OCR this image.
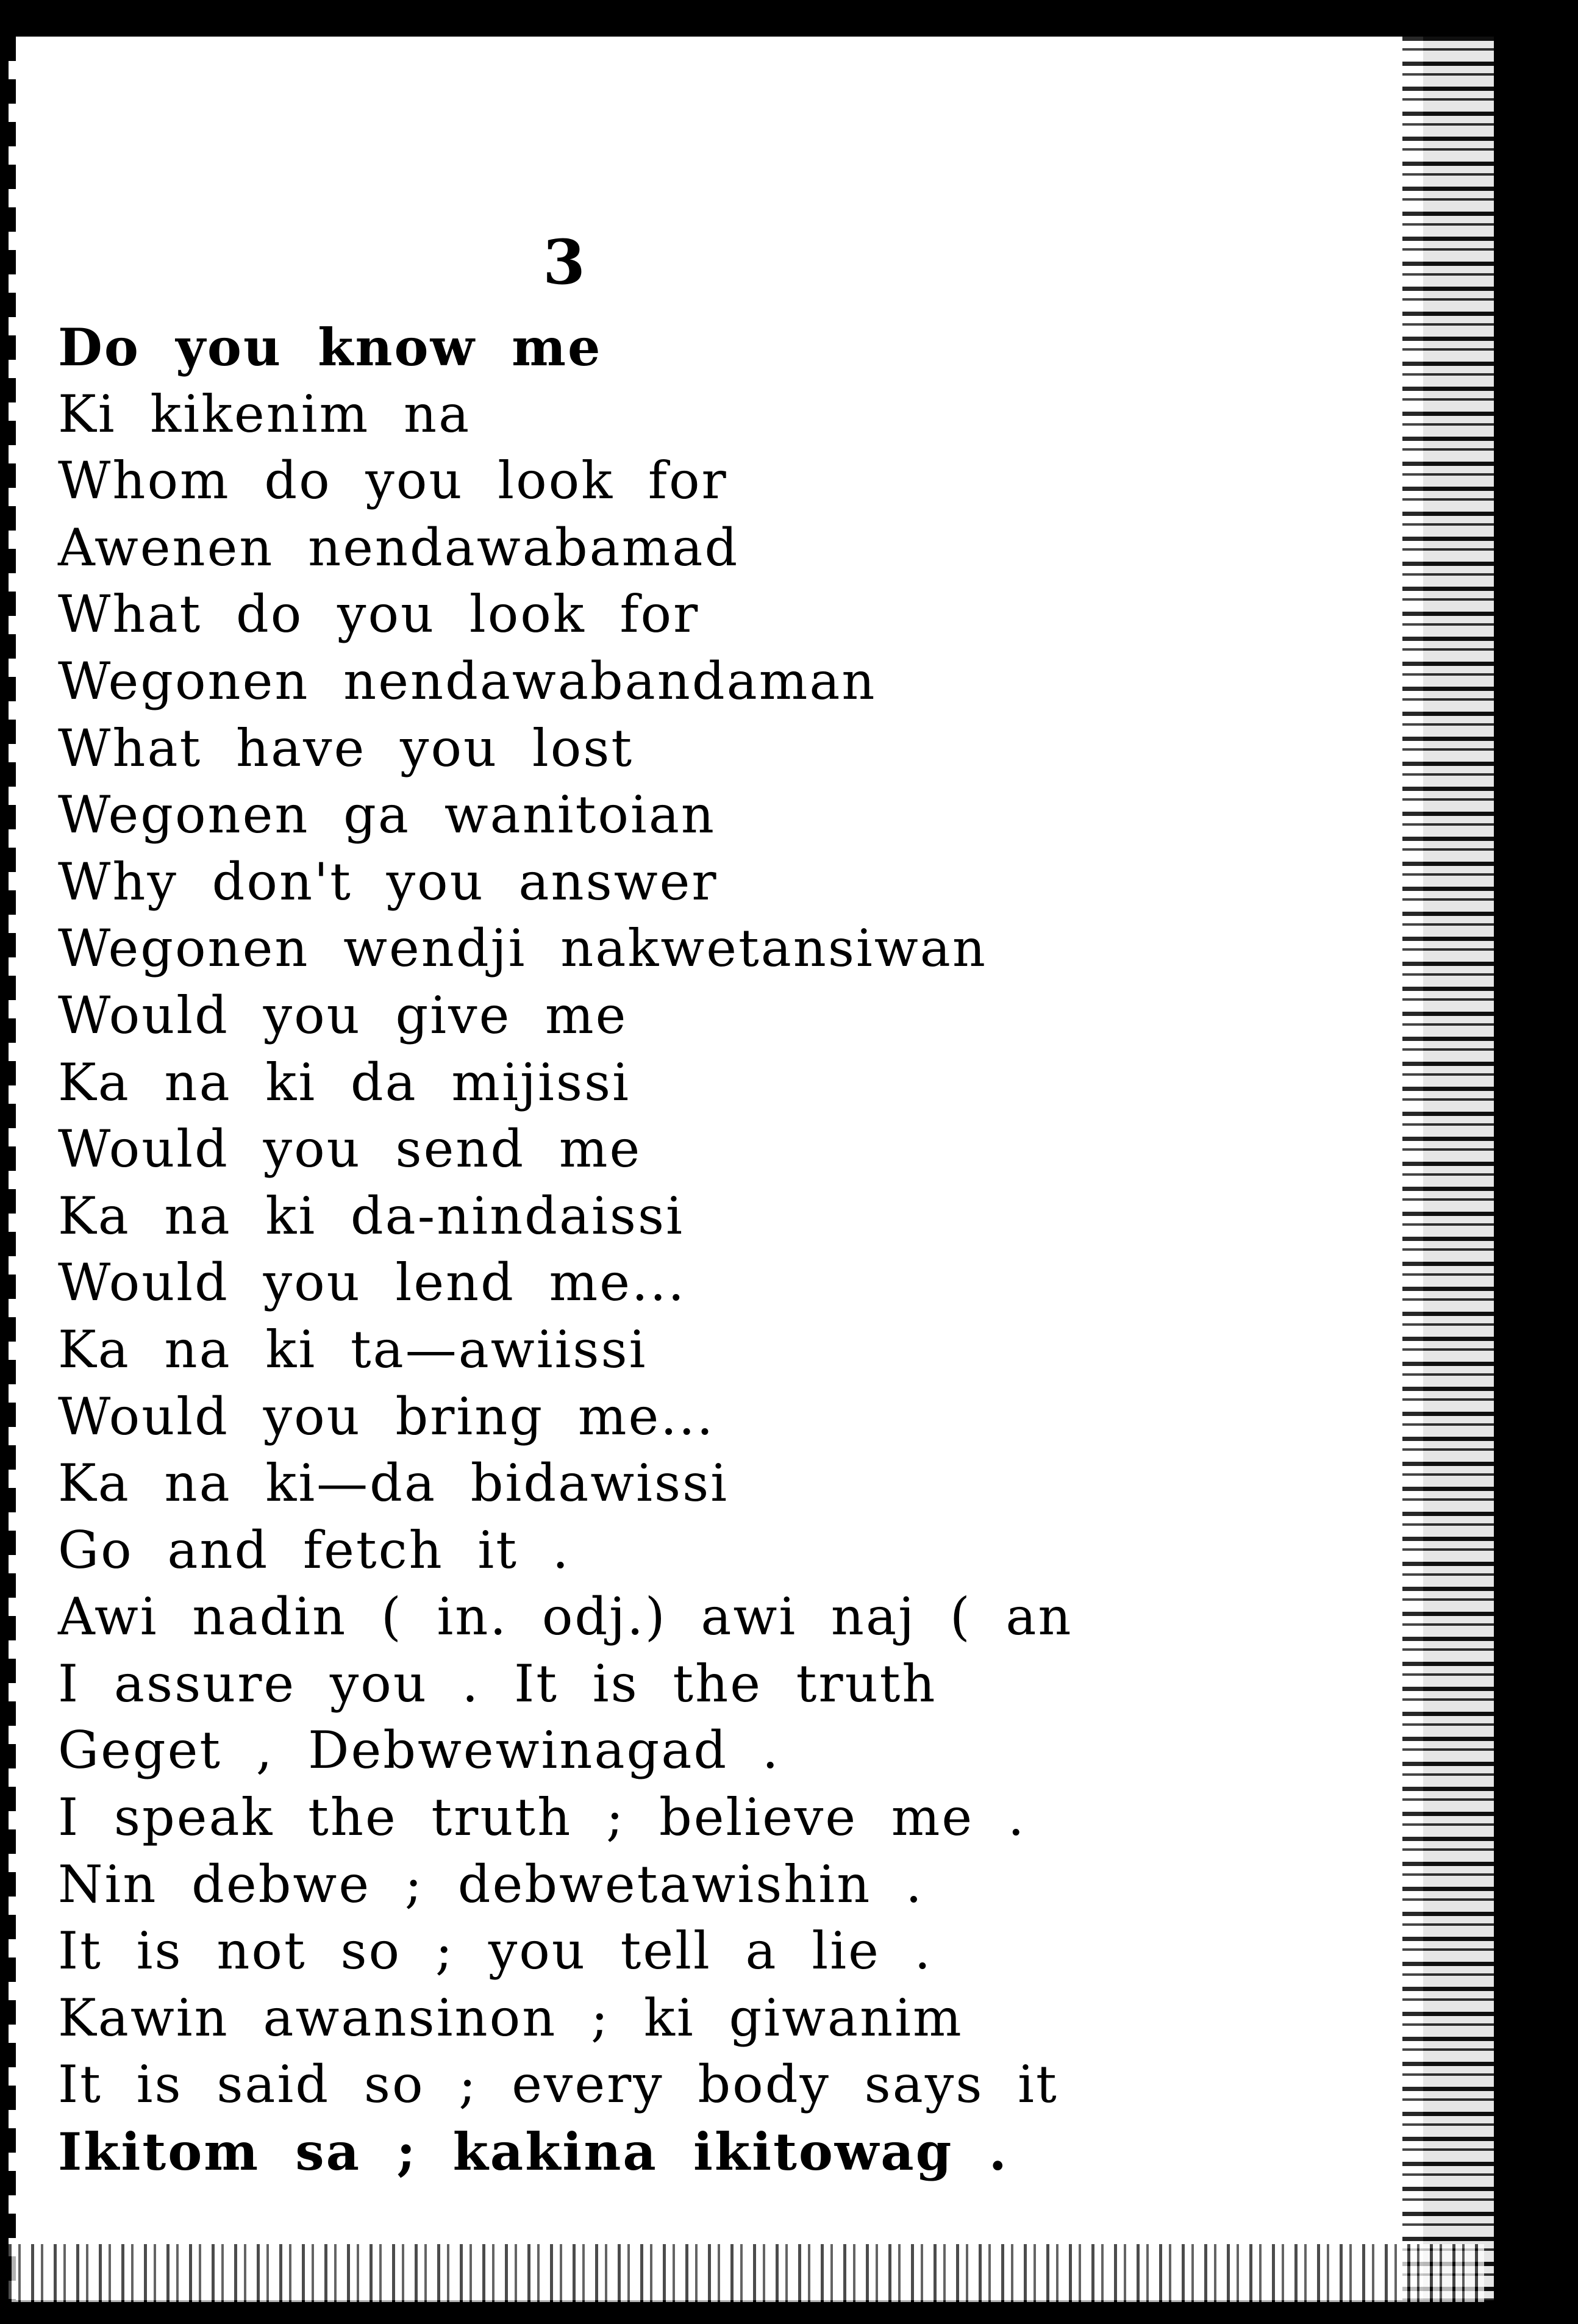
3
Do you know me
Ki kikenim na
Whom do you look for
Awenen nendawabamad
What do you look for
Wegonen nendawabandaman
What have you lost
Wegonen ga wanitoian
Why don't you answer
Wegonen wendji nakwetansiwan
Would you give me
Ka na ki da mijissi
Would you send me
Ka na ki da-nindaissi
Would you lend me...
Ka na ki ta—awiissi
Would you bring me...
Ka na ki—da bidawissi
Go and fetch it .
Awi nadin ( in. odj.) awi naj ( an
I assure you . It is the truth
Geget , Debwewinagad .
I speak the truth ; believe me .
Nin debwe ; debwetawishin .
It is not so ; you tell a lie .
Kawin awansinon ; ki giwanim
It is said so ; every body says it
Ikitom sa ; kakina ikitowag .
